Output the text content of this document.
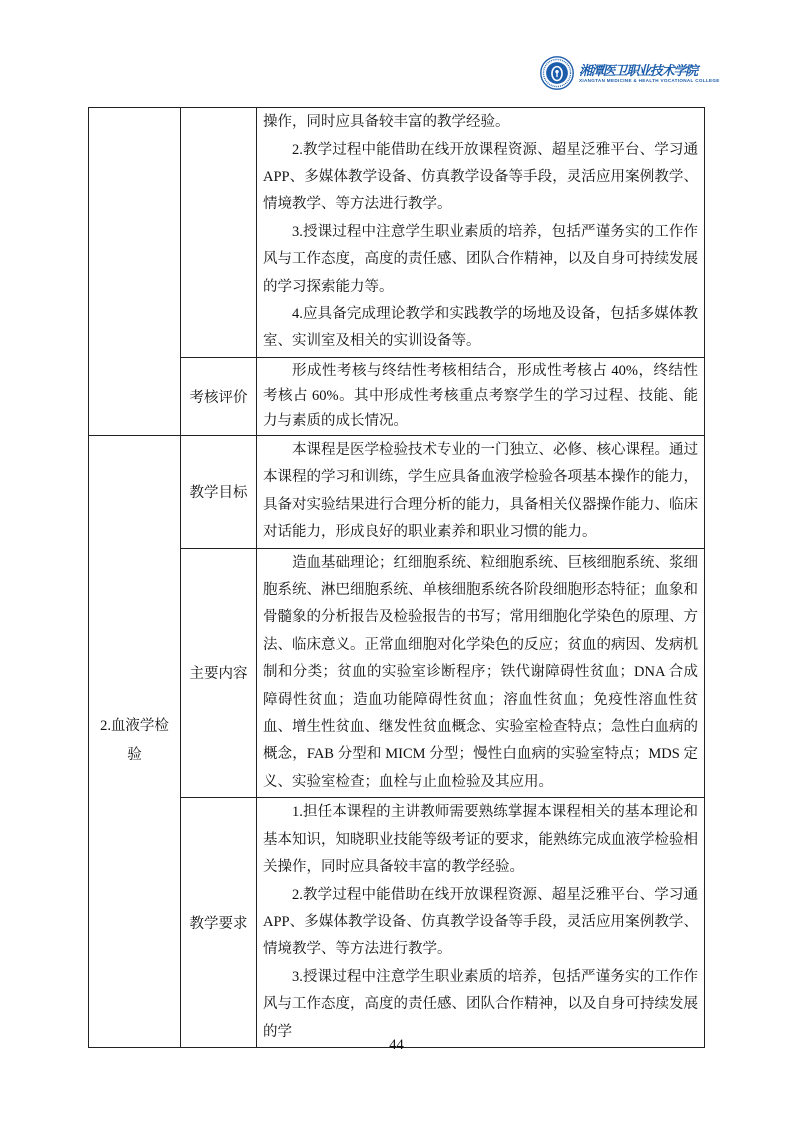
湘潭医卫职业技术学院
XIANGTAN MEDICINE & HEALTH VOCATIONAL COLLEGE

		操作，同时应具备较丰富的教学经验。

2.教学过程中能借助在线开放课程资源、超星泛雅平台、学习通APP、多媒体教学设备、仿真教学设备等手段，灵活应用案例教学、情境教学、等方法进行教学。

3.授课过程中注意学生职业素质的培养，包括严谨务实的工作作风与工作态度，高度的责任感、团队合作精神，以及自身可持续发展的学习探索能力等。

4.应具备完成理论教学和实践教学的场地及设备，包括多媒体教室、实训室及相关的实训设备等。

	考核评价	形成性考核与终结性考核相结合，形成性考核占 40%，终结性考核占 60%。其中形成性考核重点考察学生的学习过程、技能、能力与素质的成长情况。

2.血液学检验	教学目标	本课程是医学检验技术专业的一门独立、必修、核心课程。通过本课程的学习和训练，学生应具备血液学检验各项基本操作的能力，具备对实验结果进行合理分析的能力，具备相关仪器操作能力、临床对话能力，形成良好的职业素养和职业习惯的能力。

	主要内容	造血基础理论；红细胞系统、粒细胞系统、巨核细胞系统、浆细胞系统、淋巴细胞系统、单核细胞系统各阶段细胞形态特征；血象和骨髓象的分析报告及检验报告的书写；常用细胞化学染色的原理、方法、临床意义。正常血细胞对化学染色的反应；贫血的病因、发病机制和分类；贫血的实验室诊断程序；铁代谢障碍性贫血；DNA 合成障碍性贫血；造血功能障碍性贫血；溶血性贫血；免疫性溶血性贫血、增生性贫血、继发性贫血概念、实验室检查特点；急性白血病的概念，FAB 分型和 MICM 分型；慢性白血病的实验室特点；MDS 定义、实验室检查；血栓与止血检验及其应用。

	教学要求	1.担任本课程的主讲教师需要熟练掌握本课程相关的基本理论和基本知识，知晓职业技能等级考证的要求，能熟练完成血液学检验相关操作，同时应具备较丰富的教学经验。

2.教学过程中能借助在线开放课程资源、超星泛雅平台、学习通APP、多媒体教学设备、仿真教学设备等手段，灵活应用案例教学、情境教学、等方法进行教学。

3.授课过程中注意学生职业素质的培养，包括严谨务实的工作作风与工作态度，高度的责任感、团队合作精神，以及自身可持续发展的学

44
